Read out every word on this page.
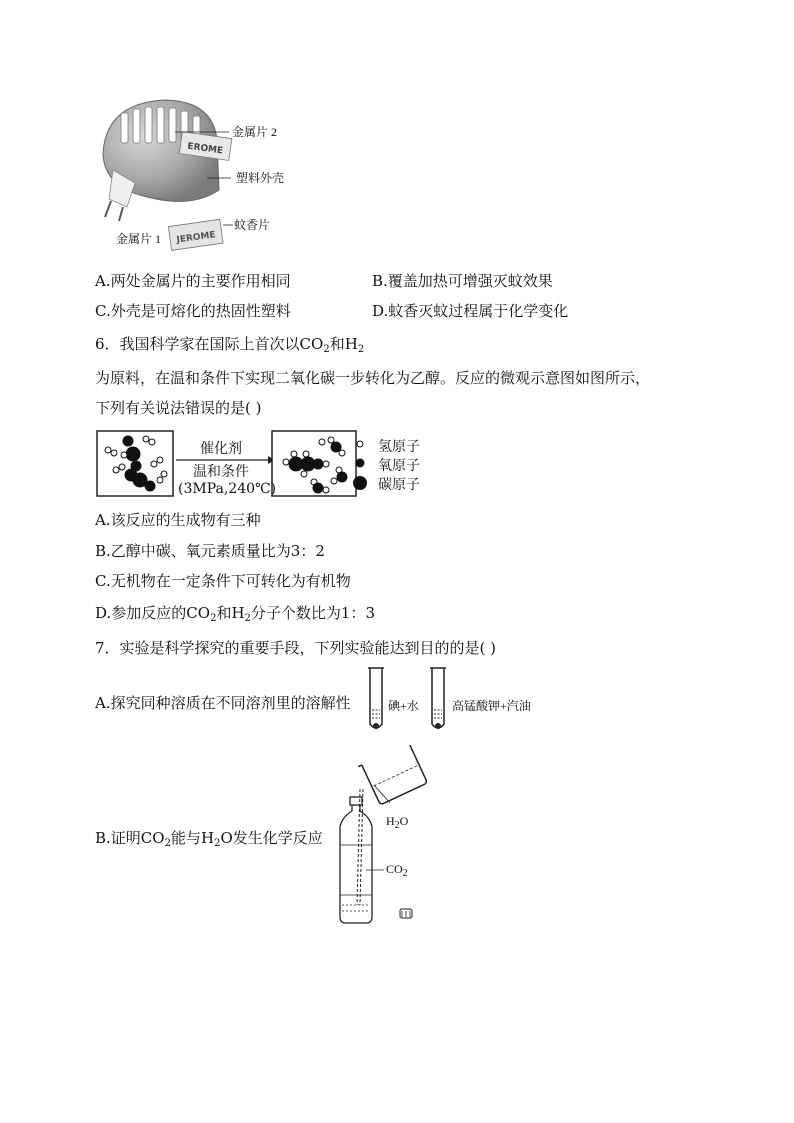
EROME
JEROME
金属片 2
塑料外壳
蚊香片
金属片 1
A.两处金属片的主要作用相同	B.覆盖加热可增强灭蚊效果
C.外壳是可熔化的热固性塑料	D.蚊香灭蚊过程属于化学变化
6．我国科学家在国际上首次以$CO_2$和$H_2$
为原料，在温和条件下实现二氧化碳一步转化为乙醇。反应的微观示意图如图所示，
下列有关说法错误的是( )
催化剂
温和条件
(3MPa,240℃)
氢原子
氧原子
碳原子
A.该反应的生成物有三种
B.乙醇中碳、氧元素质量比为3：2
C.无机物在一定条件下可转化为有机物
D.参加反应的$CO_2$和$H_2$分子个数比为1：3
7．实验是科学探究的重要手段，下列实验能达到目的的是( )
A.探究同种溶质在不同溶剂里的溶解性	碘+水	高锰酸钾+汽油
B.证明$CO_2$能与$H_2O$发生化学反应
$H_2O$
$CO_2$
